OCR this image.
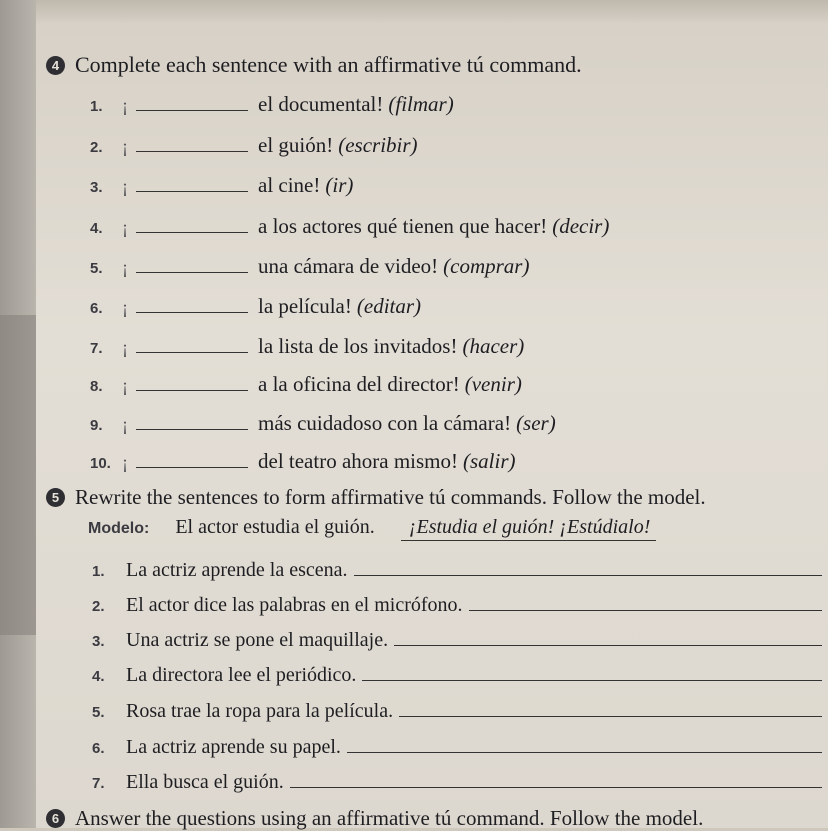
4 Complete each sentence with an affirmative tú command.
1.	¡	el documental! (filmar)
2.	¡	el guión! (escribir)
3.	¡	al cine! (ir)
4.	¡	a los actores qué tienen que hacer! (decir)
5.	¡	una cámara de video! (comprar)
6.	¡	la película! (editar)
7.	¡	la lista de los invitados! (hacer)
8.	¡	a la oficina del director! (venir)
9.	¡	más cuidadoso con la cámara! (ser)
10. ¡	del teatro ahora mismo! (salir)
5 Rewrite the sentences to form affirmative tú commands. Follow the model.
Modelo: El actor estudia el guión.	¡Estudia el guión! ¡Estúdialo!
1.	La actriz aprende la escena.
2.	El actor dice las palabras en el micrófono.
3.	Una actriz se pone el maquillaje.
4.	La directora lee el periódico.
5.	Rosa trae la ropa para la película.
6.	La actriz aprende su papel.
7.	Ella busca el guión.
6 Answer the questions using an affirmative tú command. Follow the model.
